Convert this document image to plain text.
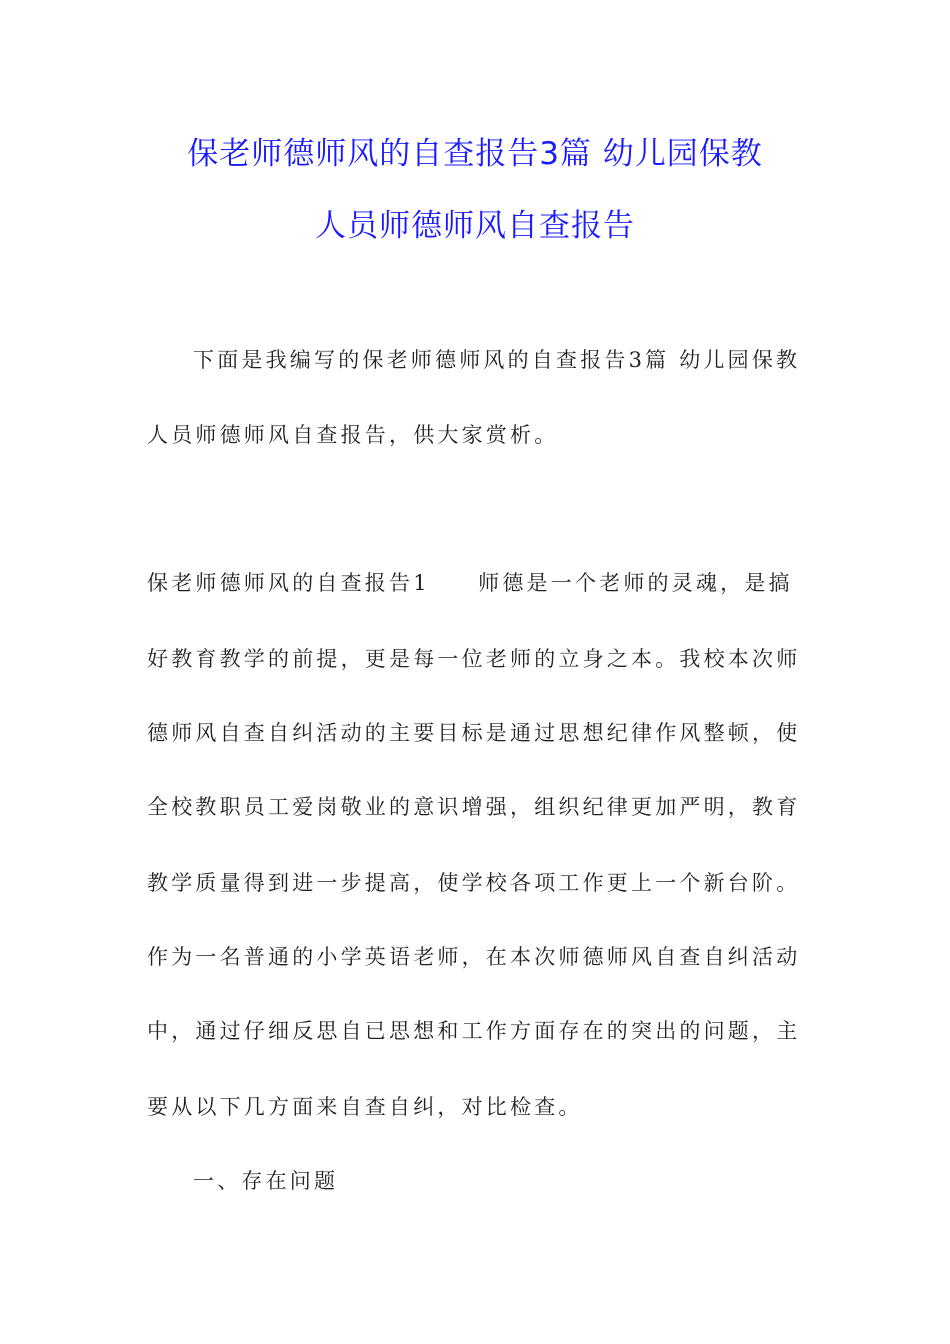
保老师德师风的自查报告3篇 幼儿园保教
人员师德师风自查报告
下面是我编写的保老师德师风的自查报告3篇 幼儿园保教
人员师德师风自查报告，供大家赏析。
保老师德师风的自查报告1　　师德是一个老师的灵魂，是搞
好教育教学的前提，更是每一位老师的立身之本。我校本次师
德师风自查自纠活动的主要目标是通过思想纪律作风整顿，使
全校教职员工爱岗敬业的意识增强，组织纪律更加严明，教育
教学质量得到进一步提高，使学校各项工作更上一个新台阶。
作为一名普通的小学英语老师，在本次师德师风自查自纠活动
中，通过仔细反思自已思想和工作方面存在的突出的问题，主
要从以下几方面来自查自纠，对比检查。
一、存在问题
